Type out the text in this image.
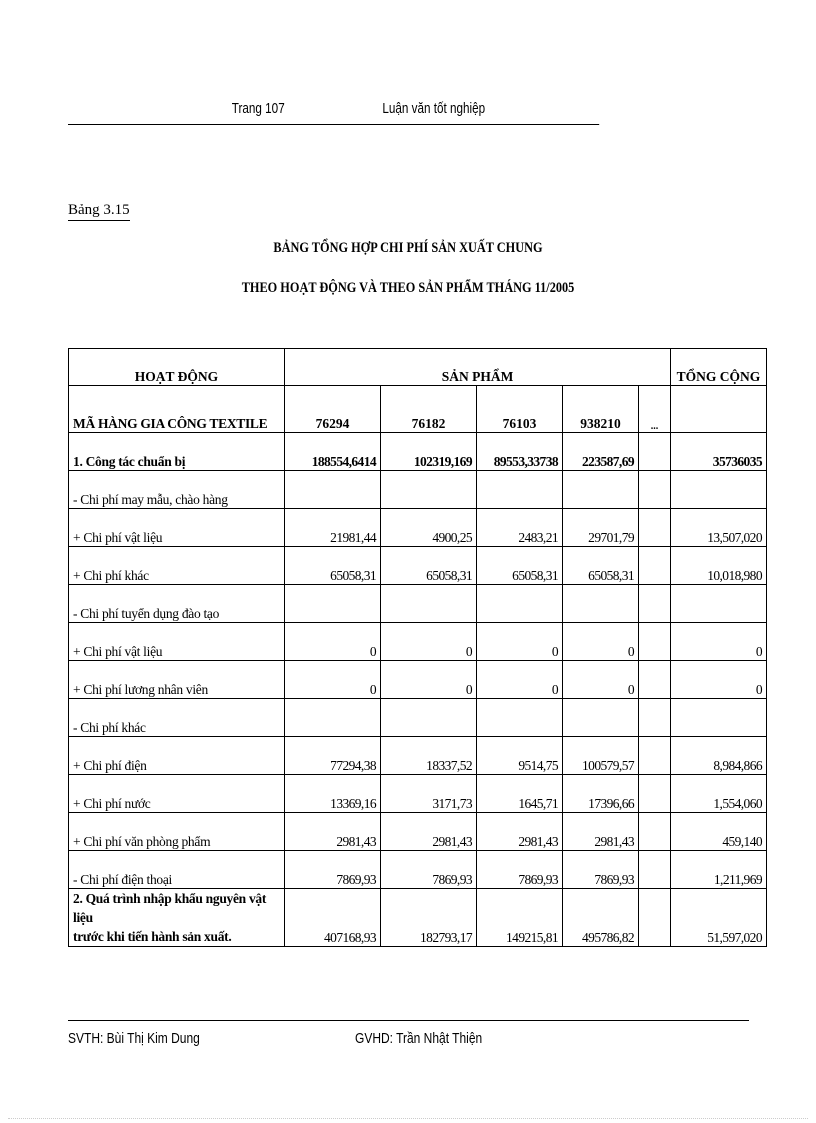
Trang 107	Luận văn tốt nghiệp
Bảng 3.15
BẢNG TỔNG HỢP CHI PHÍ SẢN XUẤT CHUNG
THEO HOẠT ĐỘNG VÀ THEO SẢN PHẨM THÁNG 11/2005
HOẠT ĐỘNG	SẢN PHẨM					TỔNG CỘNG
MÃ HÀNG GIA CÔNG TEXTILE	76294	76182	76103	938210	...	
1. Công tác chuẩn bị	188554,6414	102319,169	89553,33738	223587,69		35736035
- Chi phí may mẫu, chào hàng						
+ Chi phí vật liệu	21981,44	4900,25	2483,21	29701,79		13,507,020
+ Chi phí khác	65058,31	65058,31	65058,31	65058,31		10,018,980
- Chi phí tuyển dụng đào tạo						
+ Chi phí vật liệu	0	0	0	0		0
+ Chi phí lương nhân viên	0	0	0	0		0
- Chi phí khác						
+ Chi phí điện	77294,38	18337,52	9514,75	100579,57		8,984,866
+ Chi phí nước	13369,16	3171,73	1645,71	17396,66		1,554,060
+ Chi phí văn phòng phẩm	2981,43	2981,43	2981,43	2981,43		459,140
- Chi phí điện thoại	7869,93	7869,93	7869,93	7869,93		1,211,969

2. Quá trình nhập khẩu nguyên vật liệu
trước khi tiến hành sản xuất.	407168,93	182793,17	149215,81	495786,82		51,597,020
SVTH: Bùi Thị Kim Dung	GVHD: Trần Nhật Thiện
